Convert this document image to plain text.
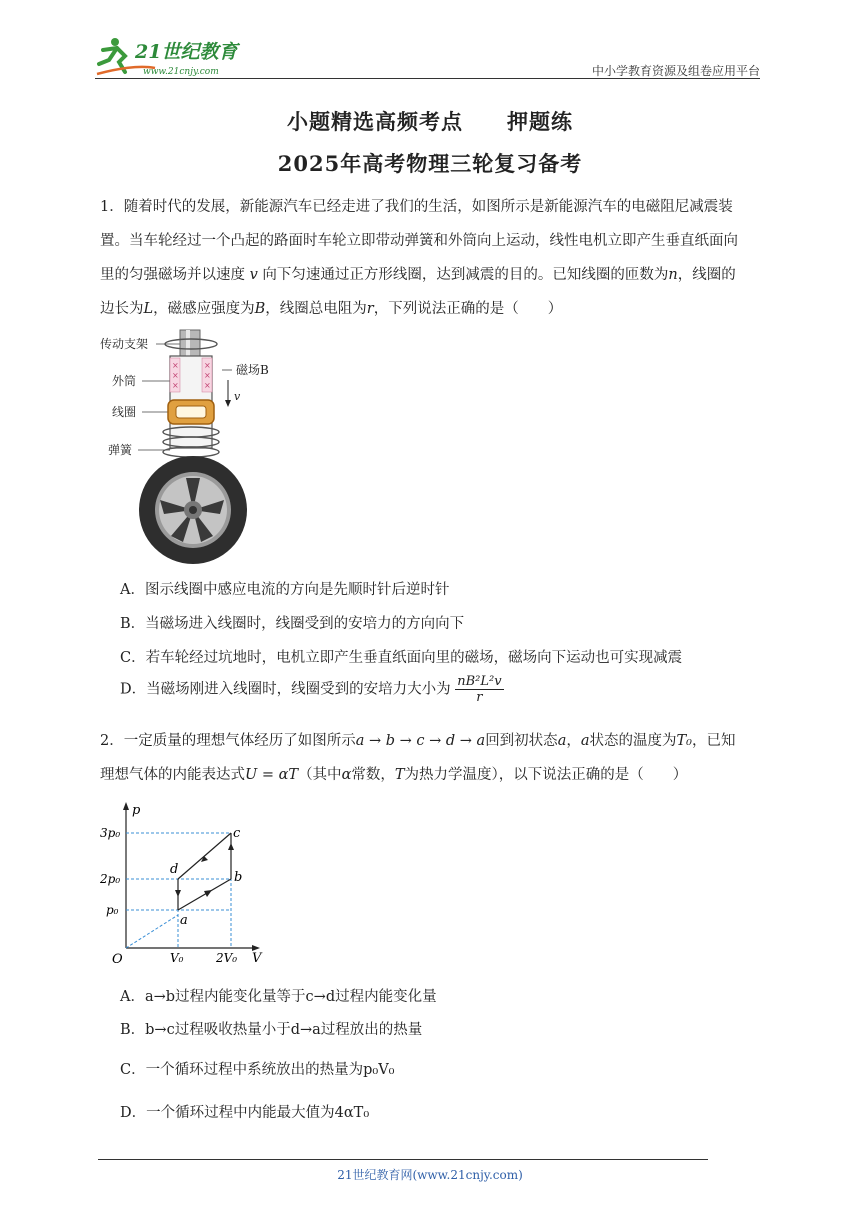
21世纪教育
www.21cnjy.com	中小学教育资源及组卷应用平台
小题精选高频考点 押题练
2025年高考物理三轮复习备考
1．随着时代的发展，新能源汽车已经走进了我们的生活，如图所示是新能源汽车的电磁阻尼减震装
置。当车轮经过一个凸起的路面时车轮立即带动弹簧和外筒向上运动，线性电机立即产生垂直纸面向
里的匀强磁场并以速度 v 向下匀速通过正方形线圈，达到减震的目的。已知线圈的匝数为n，线圈的
边长为L，磁感应强度为B，线圈总电阻为r，下列说法正确的是（　　）
传动支架
外筒
线圈
弹簧
磁场B
v
×
×
×
×
×
×
A．图示线圈中感应电流的方向是先顺时针后逆时针
B．当磁场进入线圈时，线圈受到的安培力的方向向下
C．若车轮经过坑地时，电机立即产生垂直纸面向里的磁场，磁场向下运动也可实现减震
D．当磁场刚进入线圈时，线圈受到的安培力大小为 $\frac{\text{nB²L²v}}{r}$
2．一定质量的理想气体经历了如图所示a → b → c → d → a回到初状态a，a状态的温度为T₀，已知
理想气体的内能表达式U = αT（其中α常数，T为热力学温度），以下说法正确的是（　　）
p
V
O
3p₀
2p₀
p₀
V₀	2V₀
a
b
c
d
A．a→b过程内能变化量等于c→d过程内能变化量
B．b→c过程吸收热量小于d→a过程放出的热量
C．一个循环过程中系统放出的热量为p₀V₀
D．一个循环过程中内能最大值为4αT₀
21世纪教育网(www.21cnjy.com)
